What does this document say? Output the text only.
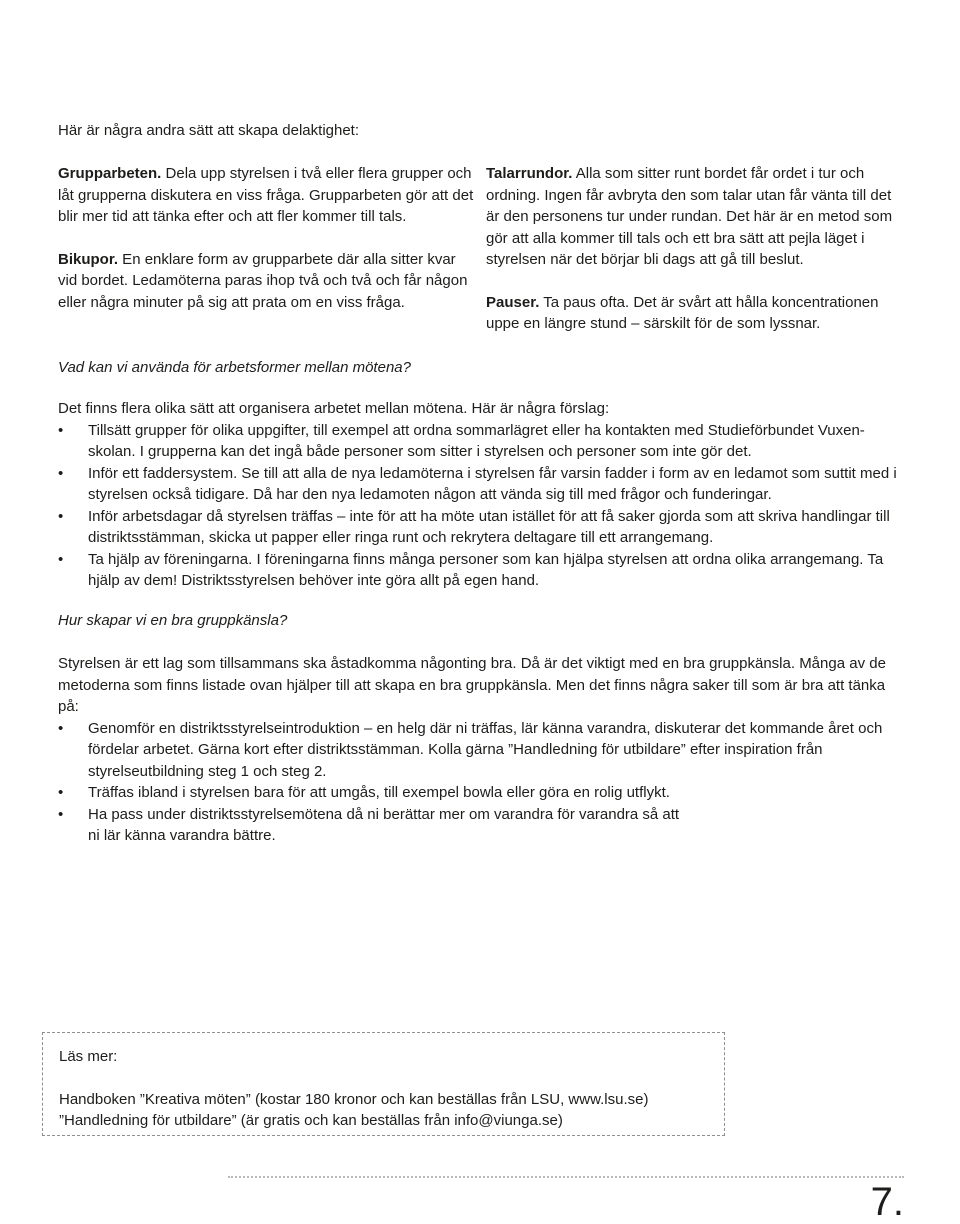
Här är några andra sätt att skapa delaktighet:

Grupparbeten. Dela upp styrelsen i två eller flera grupper och låt grupperna diskutera en viss fråga. Grupparbeten gör att det blir mer tid att tänka efter och att fler kommer till tals.

Bikupor. En enklare form av grupparbete där alla sitter kvar vid bordet. Ledamöterna paras ihop två och två och får någon eller några minuter på sig att prata om en viss fråga.

Talarrundor. Alla som sitter runt bordet får ordet i tur och ordning. Ingen får avbryta den som talar utan får vänta till det är den personens tur under rundan. Det här är en metod som gör att alla kommer till tals och ett bra sätt att pejla läget i styrelsen när det börjar bli dags att gå till beslut.

Pauser. Ta paus ofta. Det är svårt att hålla koncentrationen uppe en längre stund – särskilt för de som lyssnar.

Vad kan vi använda för arbetsformer mellan mötena?

Det finns flera olika sätt att organisera arbetet mellan mötena. Här är några förslag:

• Tillsätt grupper för olika uppgifter, till exempel att ordna sommarlägret eller ha kontakten med Studieförbundet Vuxen-skolan. I grupperna kan det ingå både personer som sitter i styrelsen och personer som inte gör det.
• Inför ett faddersystem. Se till att alla de nya ledamöterna i styrelsen får varsin fadder i form av en ledamot som suttit med i styrelsen också tidigare. Då har den nya ledamoten någon att vända sig till med frågor och funderingar.
• Inför arbetsdagar då styrelsen träffas – inte för att ha möte utan istället för att få saker gjorda som att skriva handlingar till distriktsstämman, skicka ut papper eller ringa runt och rekrytera deltagare till ett arrangemang.
• Ta hjälp av föreningarna. I föreningarna finns många personer som kan hjälpa styrelsen att ordna olika arrangemang. Ta hjälp av dem! Distriktsstyrelsen behöver inte göra allt på egen hand.

Hur skapar vi en bra gruppkänsla?

Styrelsen är ett lag som tillsammans ska åstadkomma någonting bra. Då är det viktigt med en bra gruppkänsla. Många av de metoderna som finns listade ovan hjälper till att skapa en bra gruppkänsla. Men det finns några saker till som är bra att tänka på:

• Genomför en distriktsstyrelseintroduktion – en helg där ni träffas, lär känna varandra, diskuterar det kommande året och fördelar arbetet. Gärna kort efter distriktsstämman. Kolla gärna ”Handledning för utbildare” efter inspiration från styrelseutbildning steg 1 och steg 2.
• Träffas ibland i styrelsen bara för att umgås, till exempel bowla eller göra en rolig utflykt.
• Ha pass under distriktsstyrelsemötena då ni berättar mer om varandra för varandra så att ni lär känna varandra bättre.

Läs mer:

Handboken ”Kreativa möten” (kostar 180 kronor och kan beställas från LSU, www.lsu.se)

”Handledning för utbildare” (är gratis och kan beställas från info@viunga.se)

7.
